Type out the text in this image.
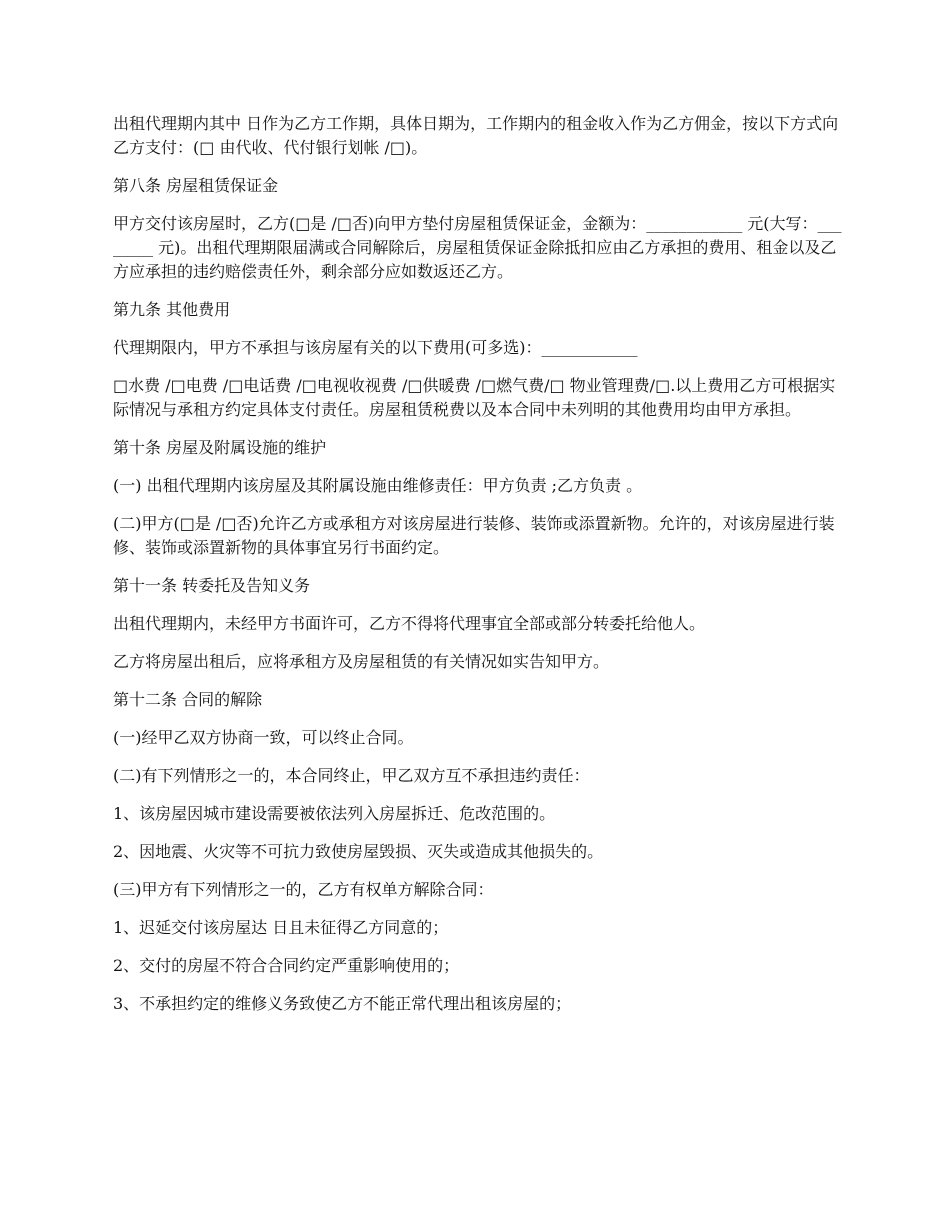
出租代理期内其中 日作为乙方工作期，具体日期为，工作期内的租金收入作为乙方佣金，按以下方式向乙方支付：(□ 由代收、代付银行划帐 /□)。

第八条 房屋租赁保证金

甲方交付该房屋时，乙方(□是 /□否)向甲方垫付房屋租赁保证金，金额为：____________ 元(大写：________ 元)。出租代理期限届满或合同解除后，房屋租赁保证金除抵扣应由乙方承担的费用、租金以及乙方应承担的违约赔偿责任外，剩余部分应如数返还乙方。

第九条 其他费用

代理期限内，甲方不承担与该房屋有关的以下费用(可多选)：____________

□水费 /□电费 /□电话费 /□电视收视费 /□供暖费 /□燃气费/□ 物业管理费/□.以上费用乙方可根据实际情况与承租方约定具体支付责任。房屋租赁税费以及本合同中未列明的其他费用均由甲方承担。

第十条 房屋及附属设施的维护

(一) 出租代理期内该房屋及其附属设施由维修责任：甲方负责 ;乙方负责 。

(二)甲方(□是 /□否)允许乙方或承租方对该房屋进行装修、装饰或添置新物。允许的，对该房屋进行装修、装饰或添置新物的具体事宜另行书面约定。

第十一条 转委托及告知义务

出租代理期内，未经甲方书面许可，乙方不得将代理事宜全部或部分转委托给他人。

乙方将房屋出租后，应将承租方及房屋租赁的有关情况如实告知甲方。

第十二条 合同的解除

(一)经甲乙双方协商一致，可以终止合同。

(二)有下列情形之一的，本合同终止，甲乙双方互不承担违约责任：

1、该房屋因城市建设需要被依法列入房屋拆迁、危改范围的。

2、因地震、火灾等不可抗力致使房屋毁损、灭失或造成其他损失的。

(三)甲方有下列情形之一的，乙方有权单方解除合同：

1、迟延交付该房屋达 日且未征得乙方同意的；

2、交付的房屋不符合合同约定严重影响使用的；

3、不承担约定的维修义务致使乙方不能正常代理出租该房屋的；
